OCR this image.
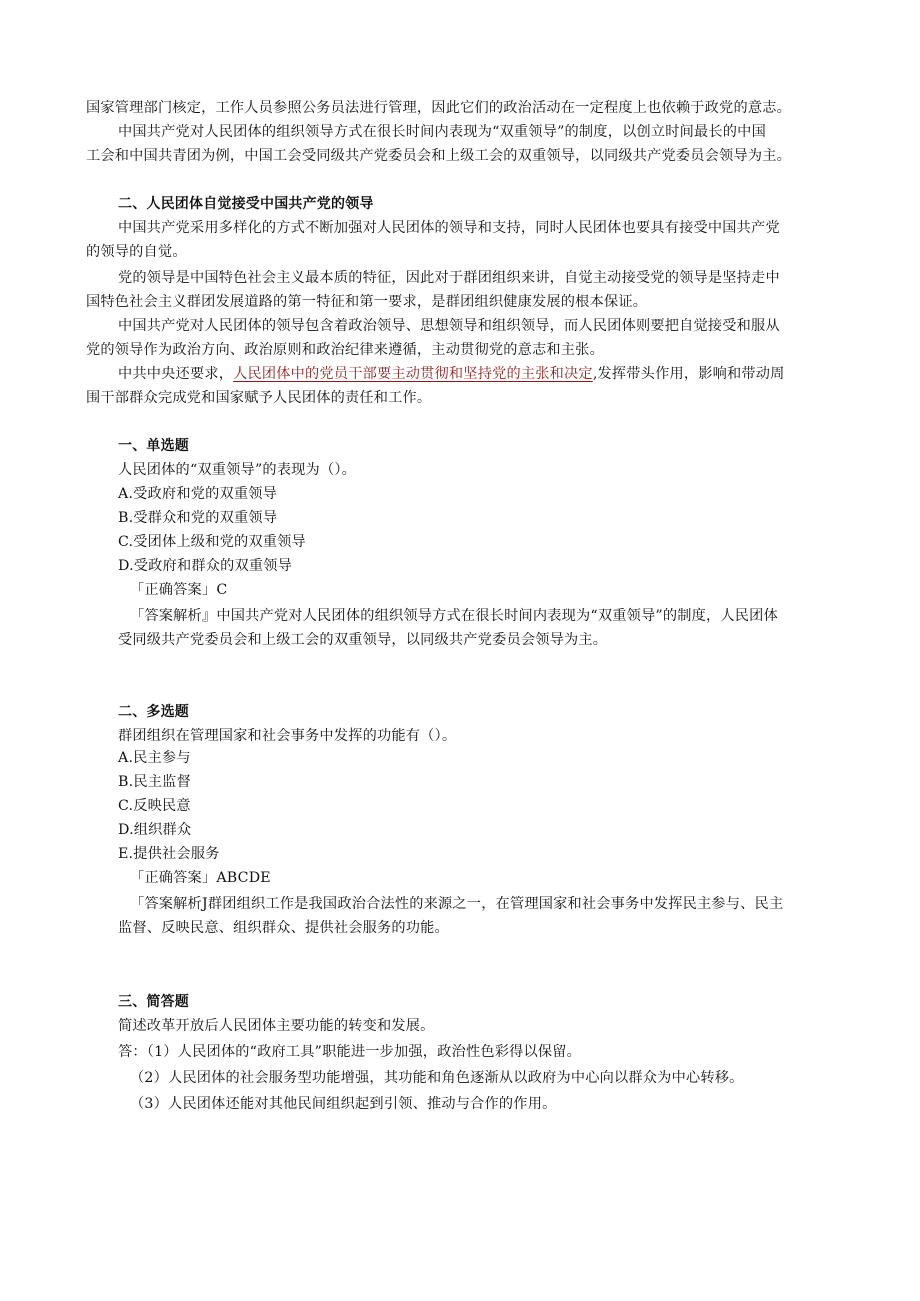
国家管理部门核定，工作人员参照公务员法进行管理，因此它们的政治活动在一定程度上也依赖于政党的意志。
中国共产党对人民团体的组织领导方式在很长时间内表现为“双重领导”的制度，以创立时间最长的中国
工会和中国共青团为例，中国工会受同级共产党委员会和上级工会的双重领导，以同级共产党委员会领导为主。
二、人民团体自觉接受中国共产党的领导
中国共产党采用多样化的方式不断加强对人民团体的领导和支持，同时人民团体也要具有接受中国共产党
的领导的自觉。
党的领导是中国特色社会主义最本质的特征，因此对于群团组织来讲，自觉主动接受党的领导是坚持走中
国特色社会主义群团发展道路的第一特征和第一要求，是群团组织健康发展的根本保证。
中国共产党对人民团体的领导包含着政治领导、思想领导和组织领导，而人民团体则要把自觉接受和服从
党的领导作为政治方向、政治原则和政治纪律来遵循，主动贯彻党的意志和主张。
中共中央还要求，人民团体中的党员干部要主动贯彻和坚持党的主张和决定,发挥带头作用，影响和带动周
围干部群众完成党和国家赋予人民团体的责任和工作。
一、单选题
人民团体的“双重领导”的表现为（）。
A.受政府和党的双重领导
B.受群众和党的双重领导
C.受团体上级和党的双重领导
D.受政府和群众的双重领导
「正确答案」C
「答案解析』中国共产党对人民团体的组织领导方式在很长时间内表现为“双重领导”的制度，人民团体
受同级共产党委员会和上级工会的双重领导，以同级共产党委员会领导为主。
二、多选题
群团组织在管理国家和社会事务中发挥的功能有（）。
A.民主参与
B.民主监督
C.反映民意
D.组织群众
E.提供社会服务
「正确答案」ABCDE
「答案解析J群团组织工作是我国政治合法性的来源之一，在管理国家和社会事务中发挥民主参与、民主
监督、反映民意、组织群众、提供社会服务的功能。
三、简答题
简述改革开放后人民团体主要功能的转变和发展。
答：（1）人民团体的“政府工具”职能进一步加强，政治性色彩得以保留。
（2）人民团体的社会服务型功能增强，其功能和角色逐渐从以政府为中心向以群众为中心转移。
（3）人民团体还能对其他民间组织起到引领、推动与合作的作用。
